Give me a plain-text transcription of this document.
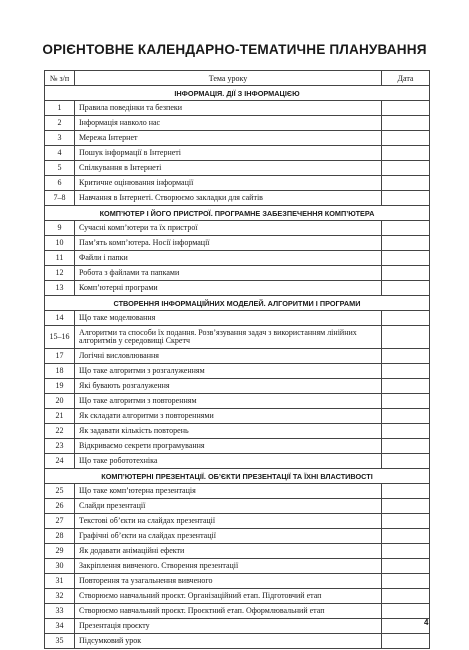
ОРІЄНТОВНЕ КАЛЕНДАРНО-ТЕМАТИЧНЕ ПЛАНУВАННЯ
№ з/п	Тема уроку	Дата
ІНФОРМАЦІЯ. ДІЇ З ІНФОРМАЦІЄЮ		
1	Правила поведінки та безпеки	
2	Інформація навколо нас	
3	Мережа Інтернет	
4	Пошук інформації в Інтернеті	
5	Спілкування в Інтернеті	
6	Критичне оцінювання інформації	
7–8	Навчання в Інтернеті. Створюємо закладки для сайтів	
КОМП’ЮТЕР І ЙОГО ПРИСТРОЇ. ПРОГРАМНЕ ЗАБЕЗПЕЧЕННЯ КОМП’ЮТЕРА		
9	Сучасні комп’ютери та їх пристрої	
10	Пам’ять комп’ютера. Носії інформації	
11	Файли і папки	
12	Робота з файлами та папками	
13	Комп’ютерні програми	
СТВОРЕННЯ ІНФОРМАЦІЙНИХ МОДЕЛЕЙ. АЛГОРИТМИ І ПРОГРАМИ		
14	Що таке моделювання	
15–16	Алгоритми та способи їх подання. Розв’язування задач з використанням лінійних алгоритмів у середовищі Скретч	
17	Логічні висловлювання	
18	Що таке алгоритми з розгалуженням	
19	Які бувають розгалуження	
20	Що таке алгоритми з повторенням	
21	Як складати алгоритми з повтореннями	
22	Як задавати кількість повторень	
23	Відкриваємо секрети програмування	
24	Що таке робототехніка	
КОМП’ЮТЕРНІ ПРЕЗЕНТАЦІЇ. ОБ’ЄКТИ ПРЕЗЕНТАЦІЇ ТА ЇХНІ ВЛАСТИВОСТІ		
25	Що таке комп’ютерна презентація	
26	Слайди презентації	
27	Текстові об’єкти на слайдах презентації	
28	Графічні об’єкти на слайдах презентації	
29	Як додавати анімаційні ефекти	
30	Закріплення вивченого. Створення презентації	
31	Повторення та узагальнення вивченого	
32	Створюємо навчальний проєкт. Організаційний етап. Підготовчий етап	
33	Створюємо навчальний проєкт. Проєктний етап. Оформлювальний етап	
34	Презентація проєкту	
35	Підсумковий урок	
4
